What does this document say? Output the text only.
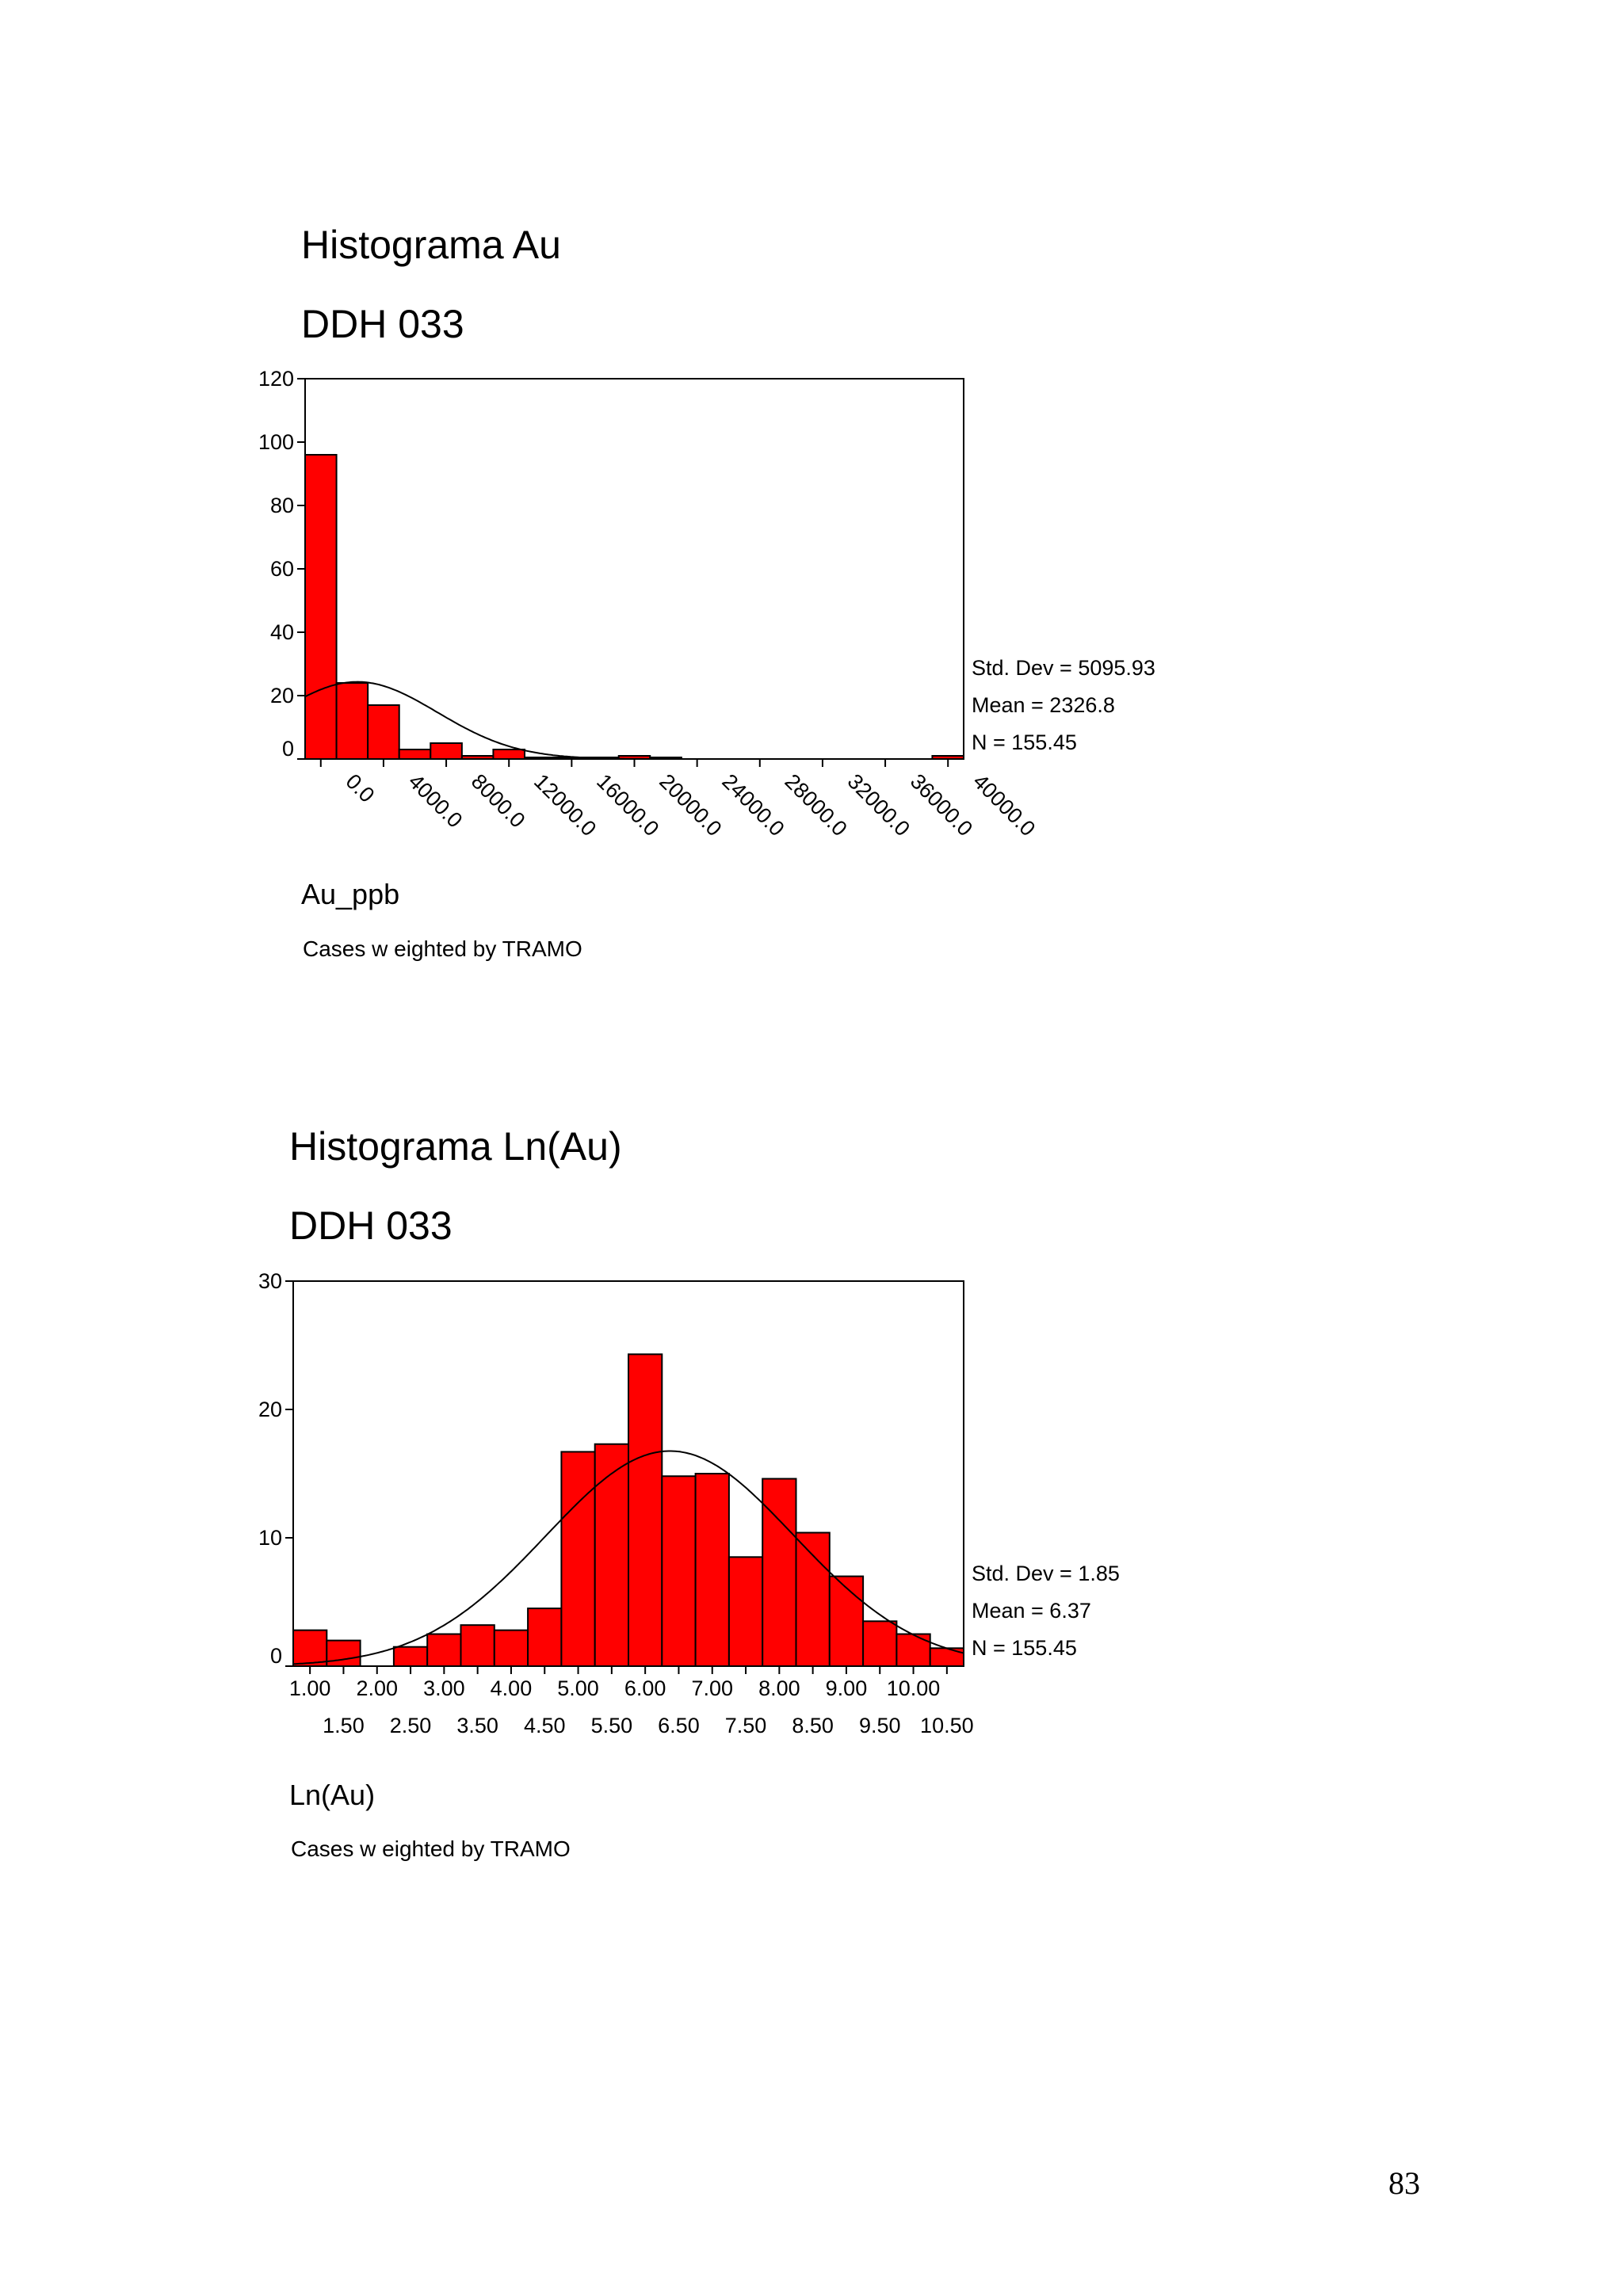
Histograma Au
DDH 033
0
20
40
60
80
100
120
Std. Dev = 5095.93
Mean = 2326.8
N = 155.45
0.0 4000.0 8000.0 12000.0
16000.0
20000.0
24000.0
28000.0
32000.0
36000.0
40000.0
Au_ppb
Cases w eighted by TRAMO
Histograma Ln(Au)
DDH 033
0
10
20
30
Std. Dev = 1.85
Mean = 6.37
N = 155.45
1.00 2.00 3.00 4.00 5.00 6.00 7.00 8.00 9.00 10.00
1.50 2.50 3.50 4.50 5.50 6.50 7.50 8.50 9.50 10.50
Ln(Au)
Cases w eighted by TRAMO
83
